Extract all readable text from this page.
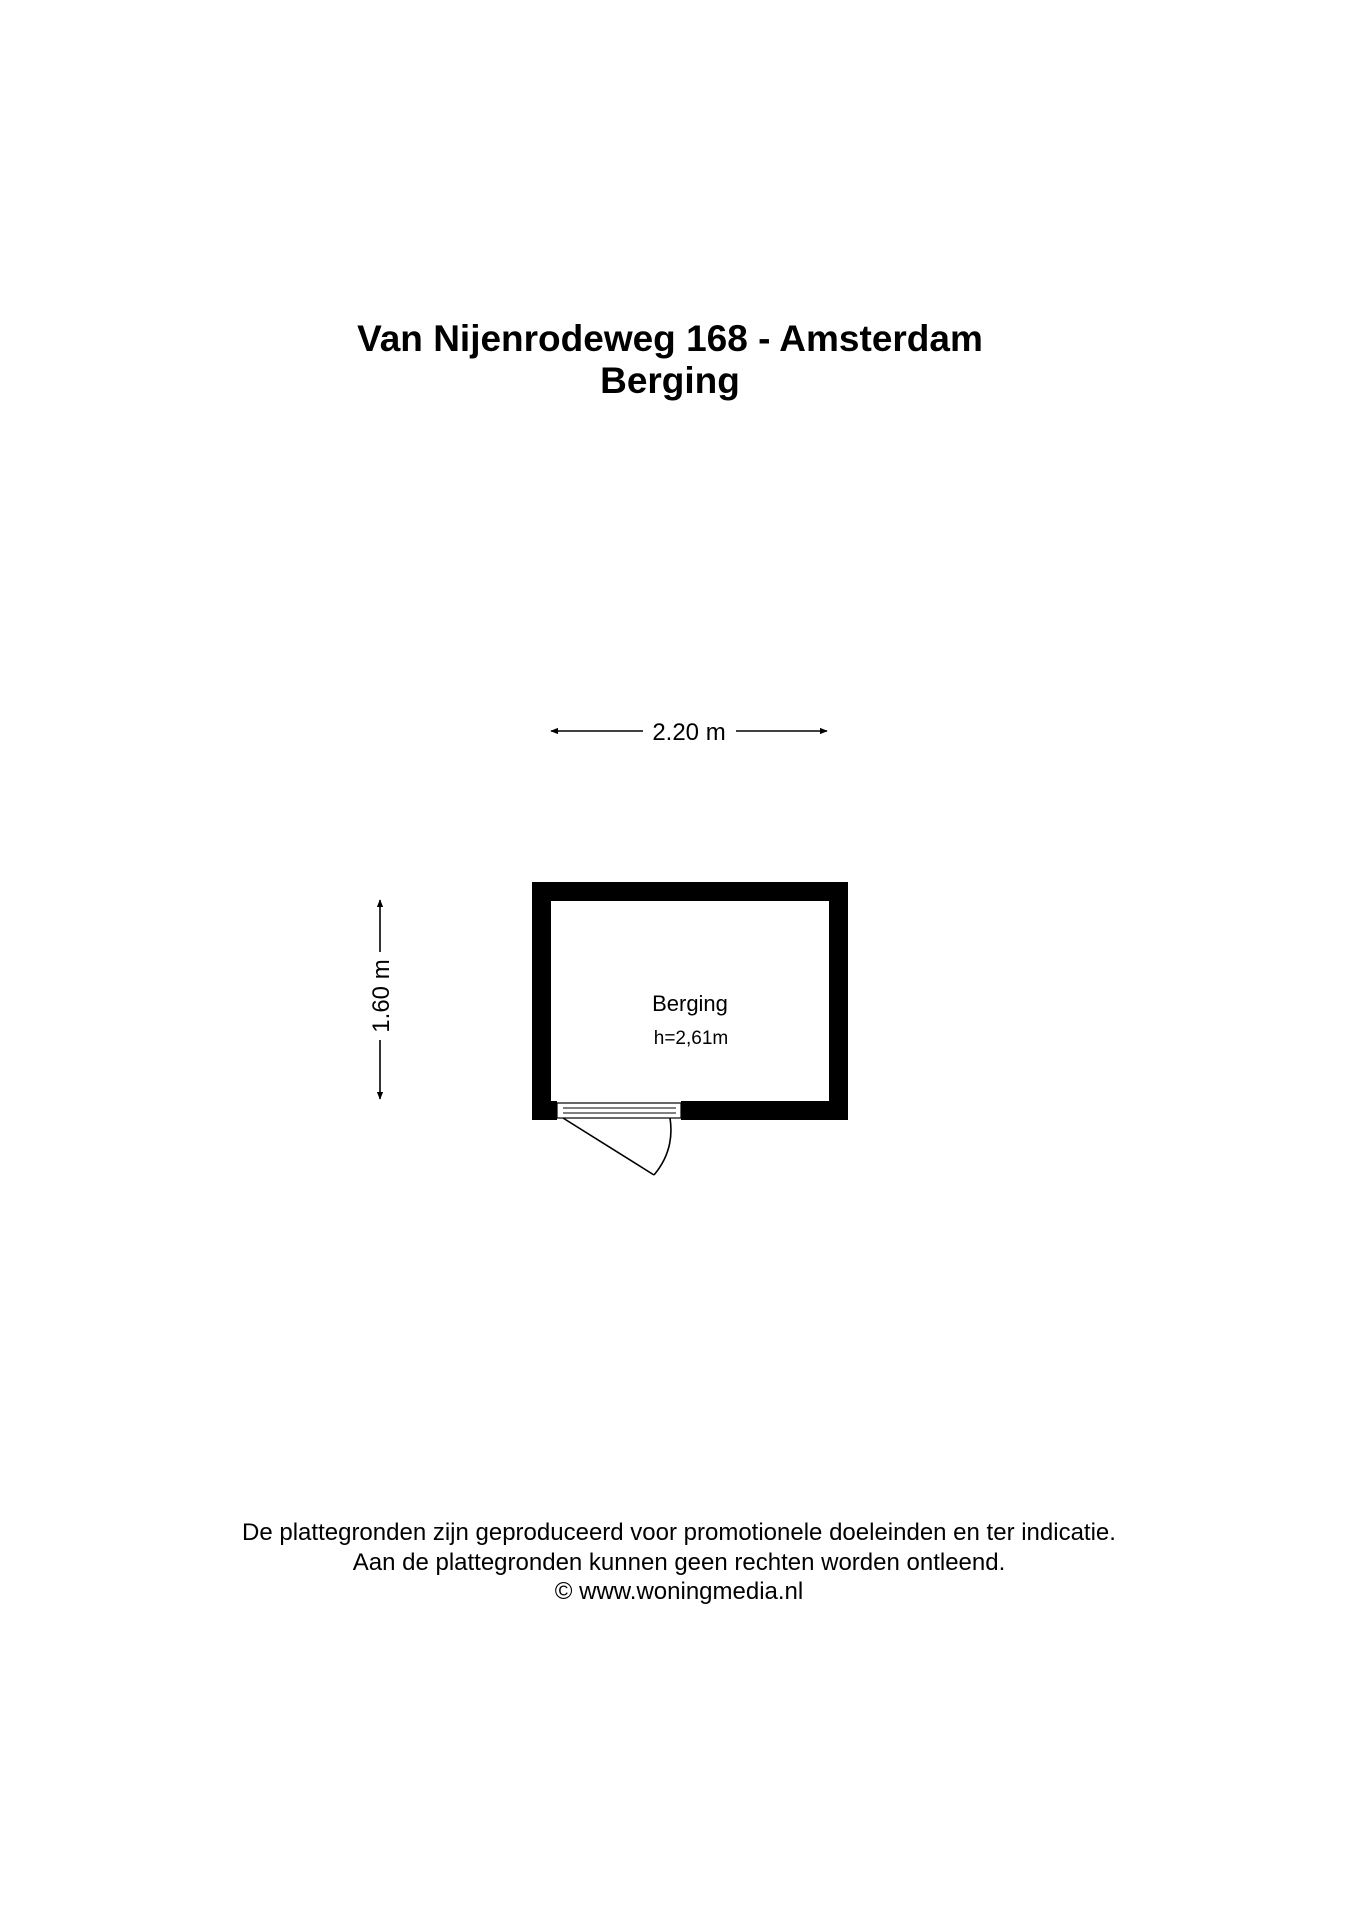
Van Nijenrodeweg 168 - Amsterdam
Berging
2.20 m
1.60 m	Berging
h=2,61m
De plattegronden zijn geproduceerd voor promotionele doeleinden en ter indicatie.
Aan de plattegronden kunnen geen rechten worden ontleend.
© www.woningmedia.nl
